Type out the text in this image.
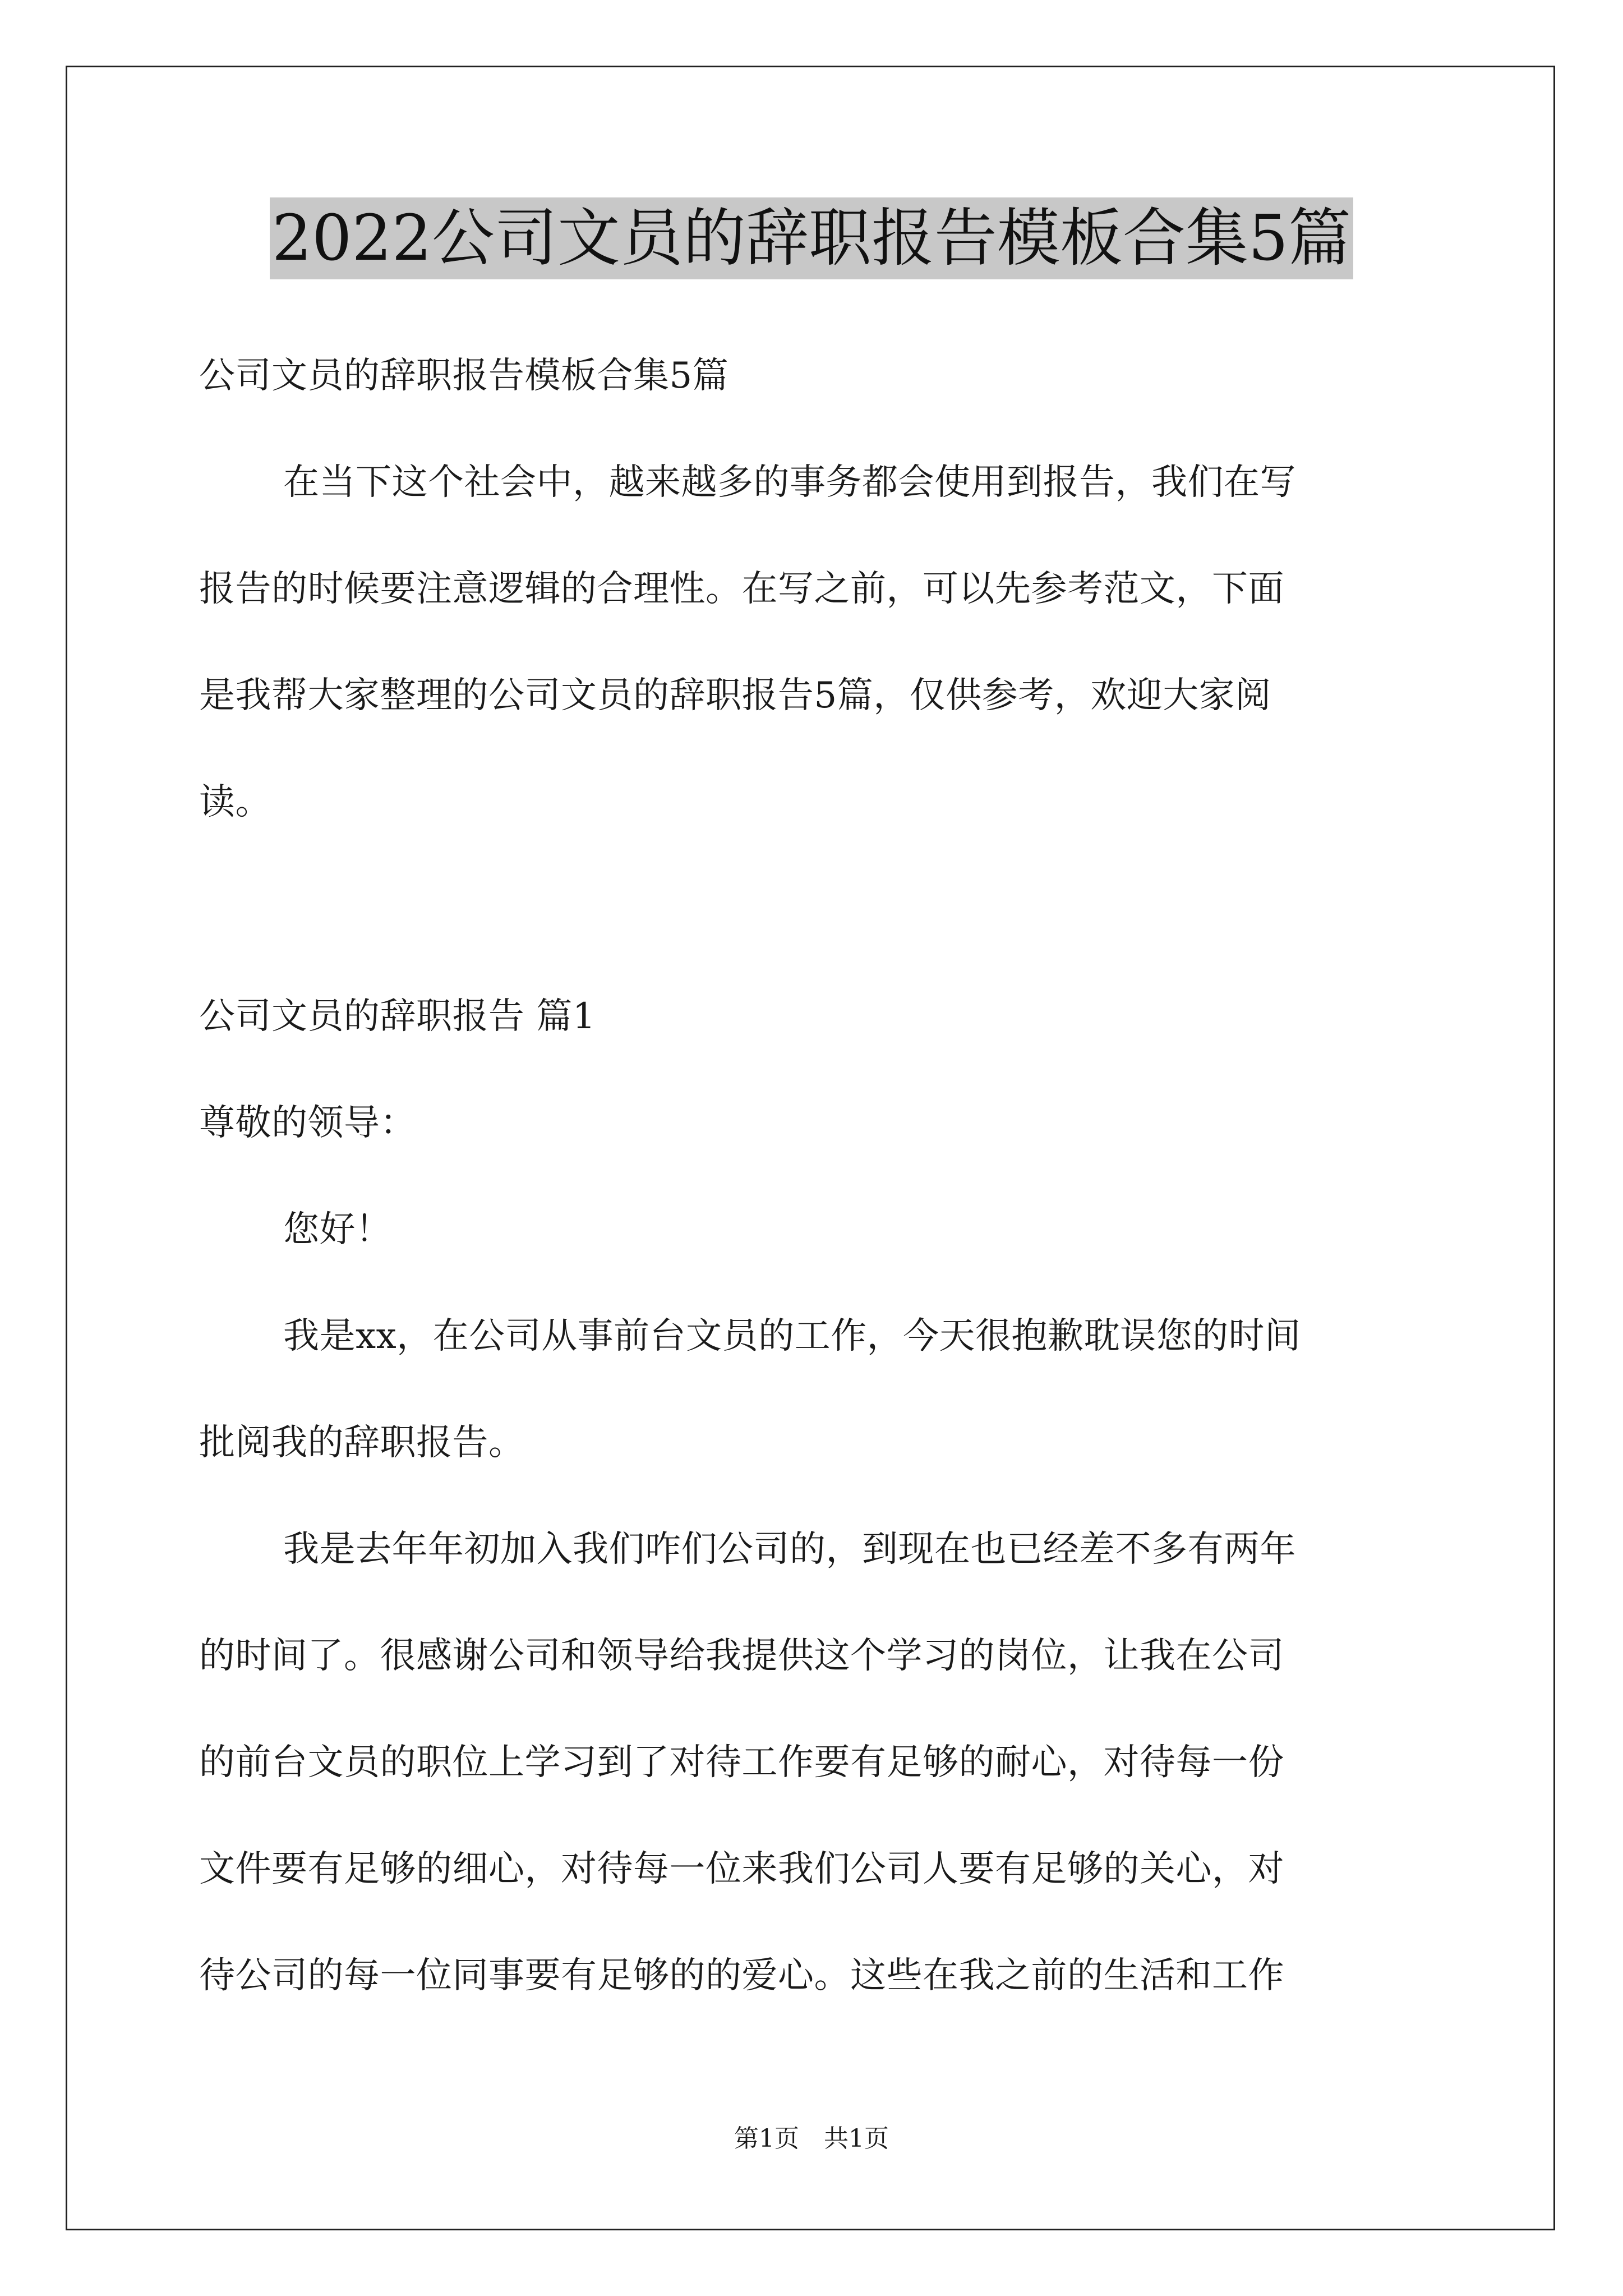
2022公司文员的辞职报告模板合集5篇
公司文员的辞职报告模板合集5篇
在当下这个社会中，越来越多的事务都会使用到报告，我们在写
报告的时候要注意逻辑的合理性。在写之前，可以先参考范文，下面
是我帮大家整理的公司文员的辞职报告5篇，仅供参考，欢迎大家阅
读。
公司文员的辞职报告 篇1
尊敬的领导：
您好！
我是xx，在公司从事前台文员的工作，今天很抱歉耽误您的时间
批阅我的辞职报告。
我是去年年初加入我们咋们公司的，到现在也已经差不多有两年
的时间了。很感谢公司和领导给我提供这个学习的岗位，让我在公司
的前台文员的职位上学习到了对待工作要有足够的耐心，对待每一份
文件要有足够的细心，对待每一位来我们公司人要有足够的关心，对
待公司的每一位同事要有足够的的爱心。这些在我之前的生活和工作
第1页　共1页
